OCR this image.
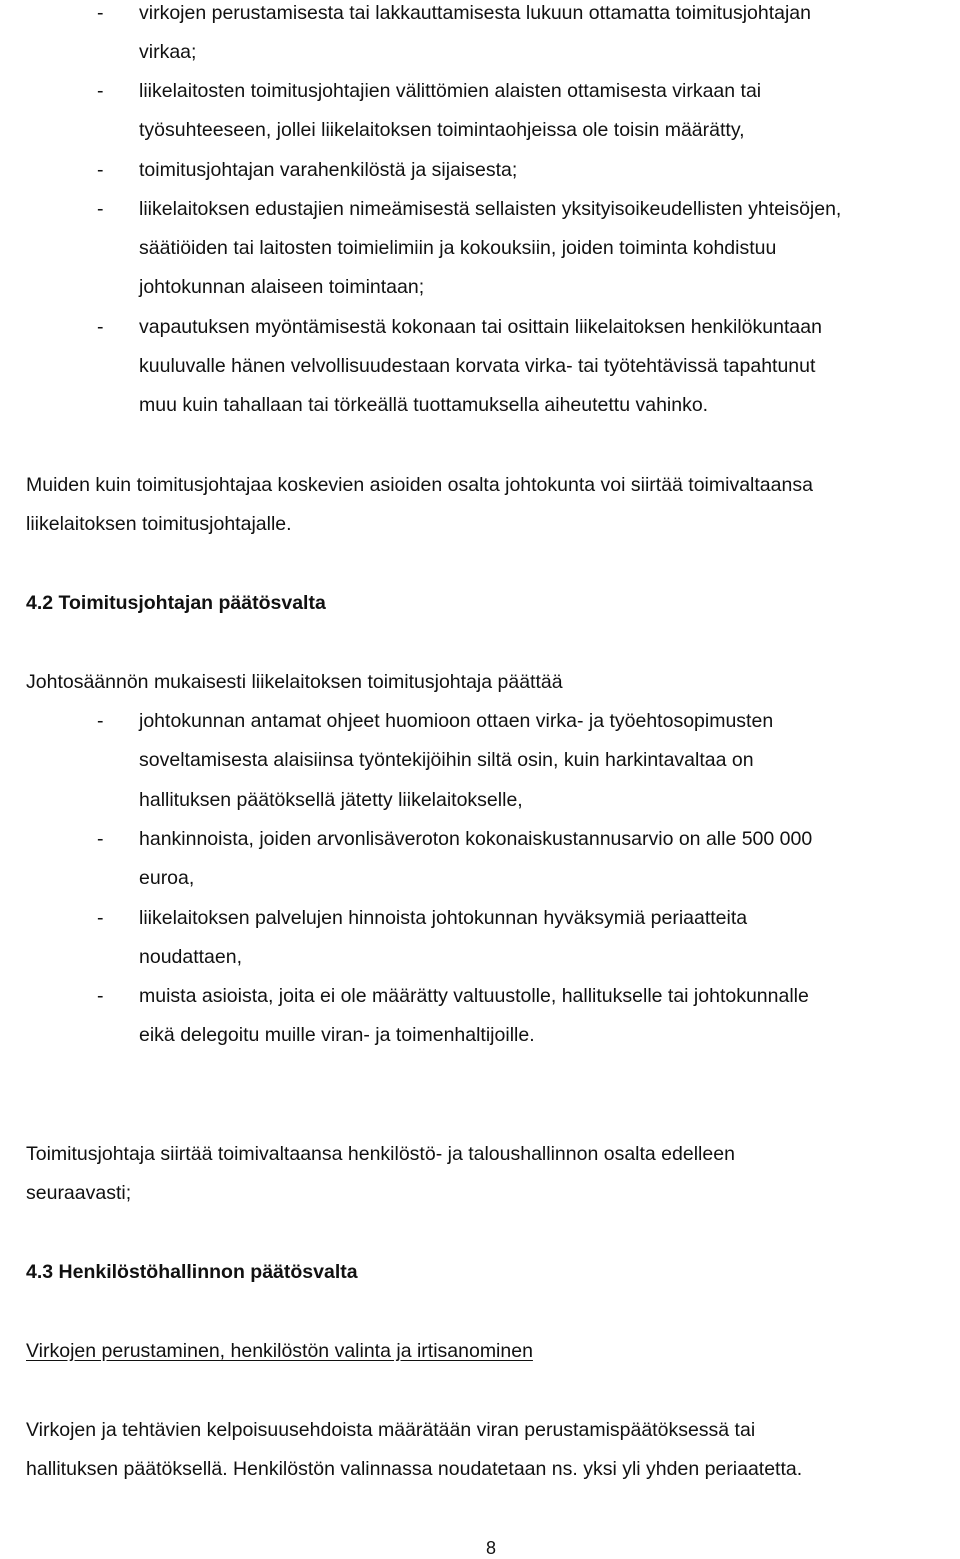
- virkojen perustamisesta tai lakkauttamisesta lukuun ottamatta toimitusjohtajan
virkaa;
- liikelaitosten toimitusjohtajien välittömien alaisten ottamisesta virkaan tai
työsuhteeseen, jollei liikelaitoksen toimintaohjeissa ole toisin määrätty,
- toimitusjohtajan varahenkilöstä ja sijaisesta;
- liikelaitoksen edustajien nimeämisestä sellaisten yksityisoikeudellisten yhteisöjen,
säätiöiden tai laitosten toimielimiin ja kokouksiin, joiden toiminta kohdistuu
johtokunnan alaiseen toimintaan;
- vapautuksen myöntämisestä kokonaan tai osittain liikelaitoksen henkilökuntaan
kuuluvalle hänen velvollisuudestaan korvata virka- tai työtehtävissä tapahtunut
muu kuin tahallaan tai törkeällä tuottamuksella aiheutettu vahinko.
Muiden kuin toimitusjohtajaa koskevien asioiden osalta johtokunta voi siirtää toimivaltaansa
liikelaitoksen toimitusjohtajalle.
4.2 Toimitusjohtajan päätösvalta
Johtosäännön mukaisesti liikelaitoksen toimitusjohtaja päättää
- johtokunnan antamat ohjeet huomioon ottaen virka- ja työehtosopimusten
soveltamisesta alaisiinsa työntekijöihin siltä osin, kuin harkintavaltaa on
hallituksen päätöksellä jätetty liikelaitokselle,
- hankinnoista, joiden arvonlisäveroton kokonaiskustannusarvio on alle 500 000
euroa,
- liikelaitoksen palvelujen hinnoista johtokunnan hyväksymiä periaatteita
noudattaen,
- muista asioista, joita ei ole määrätty valtuustolle, hallitukselle tai johtokunnalle
eikä delegoitu muille viran- ja toimenhaltijoille.
Toimitusjohtaja siirtää toimivaltaansa henkilöstö- ja taloushallinnon osalta edelleen
seuraavasti;
4.3 Henkilöstöhallinnon päätösvalta
Virkojen perustaminen, henkilöstön valinta ja irtisanominen
Virkojen ja tehtävien kelpoisuusehdoista määrätään viran perustamispäätöksessä tai
hallituksen päätöksellä. Henkilöstön valinnassa noudatetaan ns. yksi yli yhden periaatetta.
8
